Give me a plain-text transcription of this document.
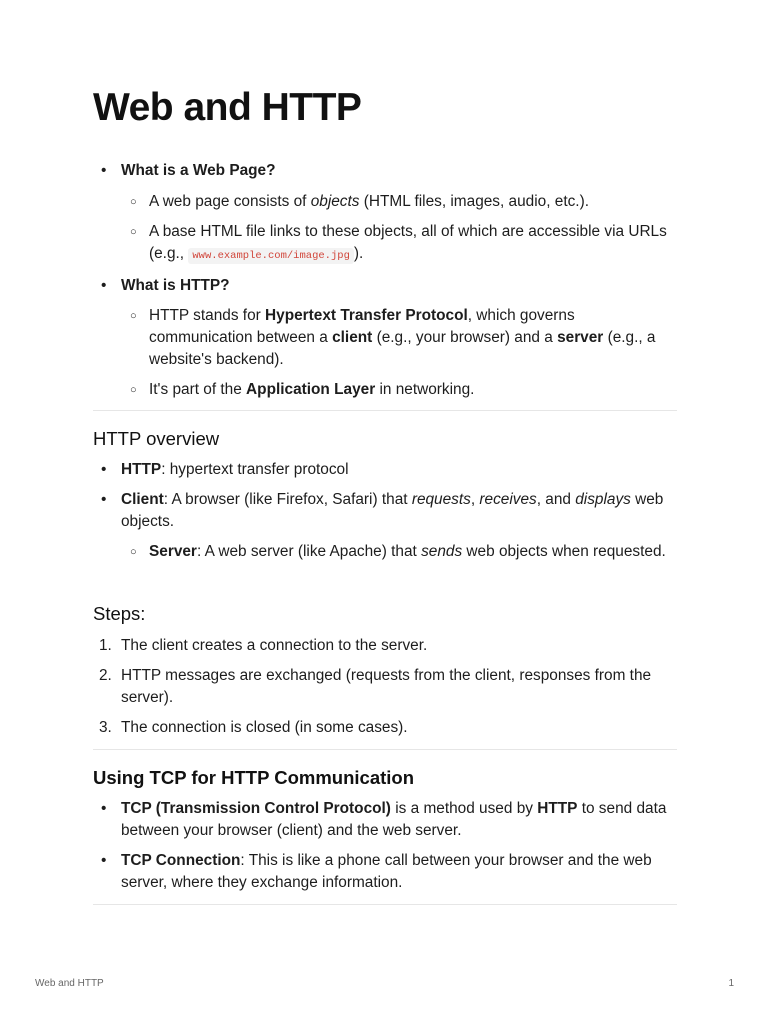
Web and HTTP
• What is a Web Page?
○ A web page consists of objects (HTML files, images, audio, etc.).
○ A base HTML file links to these objects, all of which are accessible via URLs (e.g., www.example.com/image.jpg ).
• What is HTTP?
○ HTTP stands for Hypertext Transfer Protocol, which governs communication between a client (e.g., your browser) and a server (e.g., a website's backend).
○ It's part of the Application Layer in networking.
HTTP overview
• HTTP: hypertext transfer protocol
• Client: A browser (like Firefox, Safari) that requests, receives, and displays web objects.
○ Server: A web server (like Apache) that sends web objects when requested.
Steps:
1. The client creates a connection to the server.
2. HTTP messages are exchanged (requests from the client, responses from the server).
3. The connection is closed (in some cases).
Using TCP for HTTP Communication
• TCP (Transmission Control Protocol) is a method used by HTTP to send data between your browser (client) and the web server.
• TCP Connection: This is like a phone call between your browser and the web server, where they exchange information.
Web and HTTP	1
